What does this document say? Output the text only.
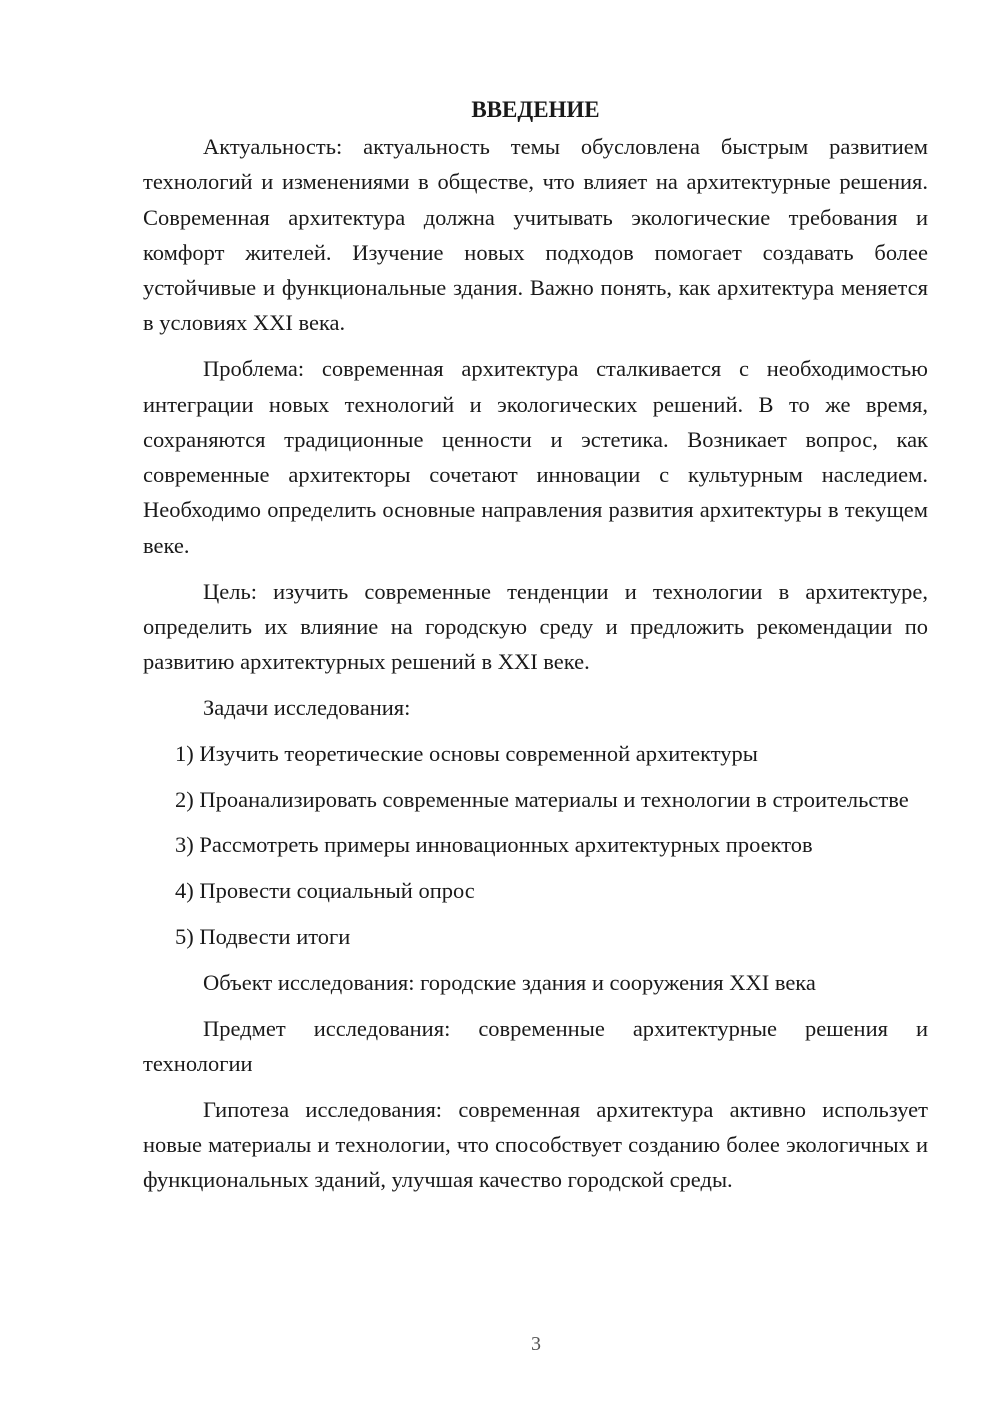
ВВЕДЕНИЕ

Актуальность: актуальность темы обусловлена быстрым развитием технологий и изменениями в обществе, что влияет на архитектурные решения. Современная архитектура должна учитывать экологические требования и комфорт жителей. Изучение новых подходов помогает создавать более устойчивые и функциональные здания. Важно понять, как архитектура меняется в условиях XXI века.

Проблема: современная архитектура сталкивается с необходимостью интеграции новых технологий и экологических решений. В то же время, сохраняются традиционные ценности и эстетика. Возникает вопрос, как современные архитекторы сочетают инновации с культурным наследием. Необходимо определить основные направления развития архитектуры в текущем веке.

Цель: изучить современные тенденции и технологии в архитектуре, определить их влияние на городскую среду и предложить рекомендации по развитию архитектурных решений в XXI веке.

Задачи исследования:

1) Изучить теоретические основы современной архитектуры

2) Проанализировать современные материалы и технологии в строительстве

3) Рассмотреть примеры инновационных архитектурных проектов

4) Провести социальный опрос

5) Подвести итоги

Объект исследования: городские здания и сооружения XXI века

Предмет исследования: современные архитектурные решения и технологии

Гипотеза исследования: современная архитектура активно использует новые материалы и технологии, что способствует созданию более экологичных и функциональных зданий, улучшая качество городской среды.

3
